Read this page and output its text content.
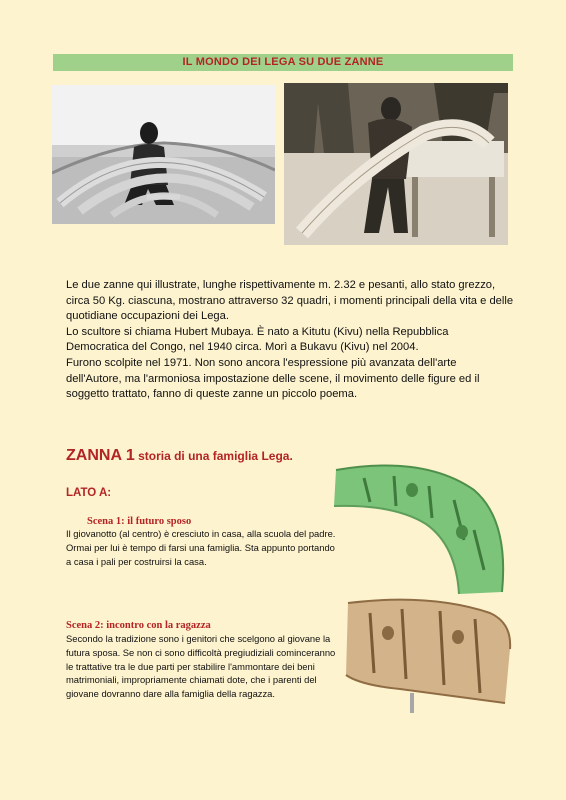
IL MONDO DEI LEGA SU DUE ZANNE

Le due zanne qui illustrate, lunghe rispettivamente m. 2.32 e pesanti, allo stato grezzo, circa 50 Kg. ciascuna, mostrano attraverso 32 quadri, i momenti principali della vita e delle quotidiane occupazioni dei Lega.

Lo scultore si chiama Hubert Mubaya. È nato a Kitutu (Kivu) nella Repubblica Democratica del Congo, nel 1940 circa. Morì a Bukavu (Kivu) nel 2004.

Furono scolpite nel 1971. Non sono ancora l'espressione più avanzata dell'arte dell'Autore, ma l'armoniosa impostazione delle scene, il movimento delle figure ed il soggetto trattato, fanno di queste zanne un piccolo poema.

ZANNA 1 storia di una famiglia Lega.
LATO A:
Scena 1: il futuro sposo
Il giovanotto (al centro) è cresciuto in casa, alla scuola del padre. Ormai per lui è tempo di farsi una famiglia. Sta appunto portando a casa i pali per costruirsi la casa.
Scena 2: incontro con la ragazza
Secondo la tradizione sono i genitori che scelgono al giovane la futura sposa. Se non ci sono difficoltà pregiudiziali cominceranno le trattative tra le due parti per stabilire l'ammontare dei beni matrimoniali, impropriamente chiamati dote, che i parenti del giovane dovranno dare alla famiglia della ragazza.
